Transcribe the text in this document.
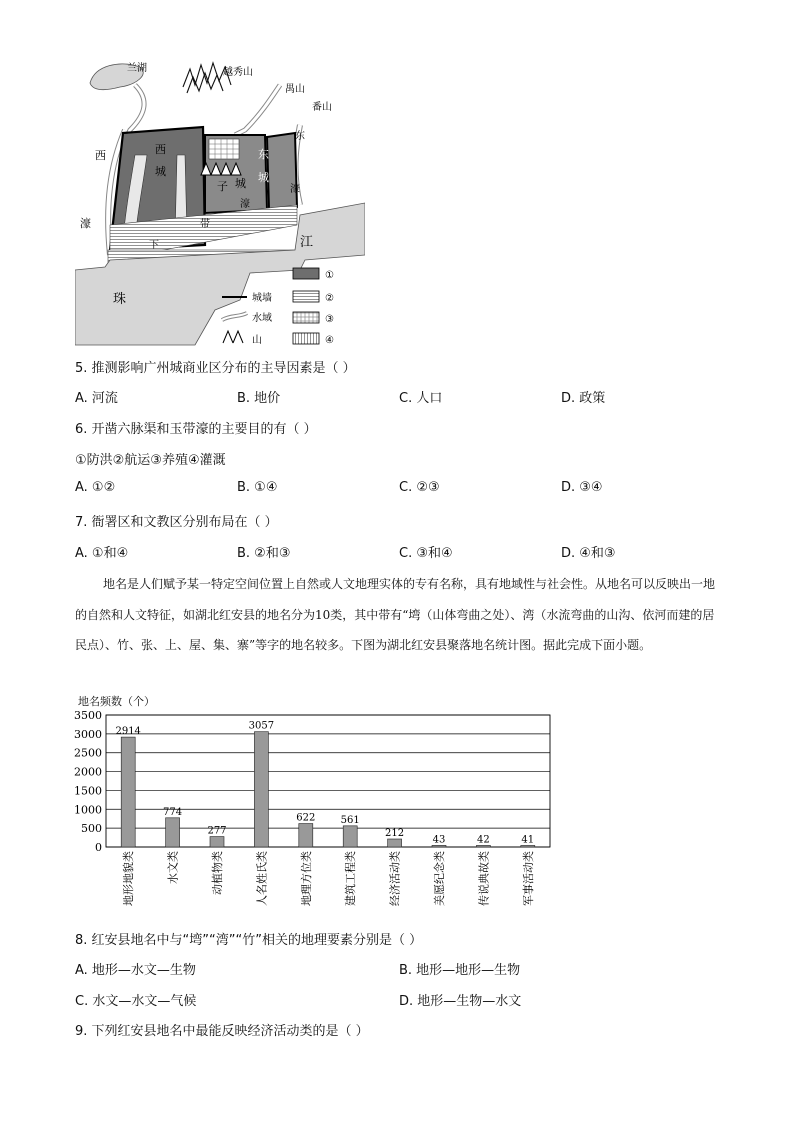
兰湖	越秀山
禺山
番山
东
西
濠
西
城
子 城
东
城
濠
濠
带
下	江
珠
①
城墙	②
水域	③
山	④
5. 推测影响广州城商业区分布的主导因素是（ ）
A. 河流	B. 地价	C. 人口	D. 政策
6. 开凿六脉渠和玉带濠的主要目的有（ ）
①防洪②航运③养殖④灌溉
A. ①②	B. ①④	C. ②③	D. ③④
7. 衙署区和文教区分别布局在（ ）
A. ①和④	B. ②和③	C. ③和④	D. ④和③
地名是人们赋予某一特定空间位置上自然或人文地理实体的专有名称，具有地域性与社会性。从地名可以反映出一地的自然和人文特征，如湖北红安县的地名分为10类，其中带有“塆（山体弯曲之处）、湾（水流弯曲的山沟、依河而建的居民点）、竹、张、上、屋、集、寨”等字的地名较多。下图为湖北红安县聚落地名统计图。据此完成下面小题。
地名频数（个）
0
500
1000
1500
2000
2500
3000
3500
2914
地形地貌类
774
水文类
277
动植物类
3057
人名姓氏类
622
地理方位类
561
建筑工程类
212
经济活动类
43
美愿纪念类
42
传说典故类
41
军事活动类
8. 红安县地名中与“塆”“湾”“竹”相关的地理要素分别是（ ）
A. 地形—水文—生物	B. 地形—地形—生物
C. 水文—水文—气候	D. 地形—生物—水文
9. 下列红安县地名中最能反映经济活动类的是（ ）
